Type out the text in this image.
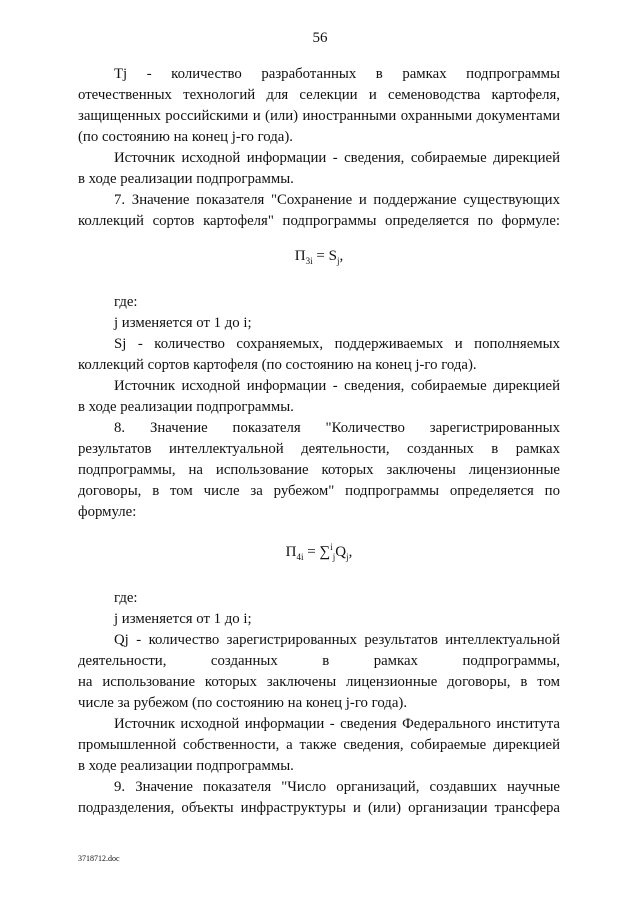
56
Tj - количество разработанных в рамках подпрограммы
отечественных технологий для селекции и семеноводства картофеля,
защищенных российскими и (или) иностранными охранными документами
(по состоянию на конец j-го года).
Источник исходной информации - сведения, собираемые дирекцией
в ходе реализации подпрограммы.
7. Значение показателя "Сохранение и поддержание существующих
коллекций сортов картофеля" подпрограммы определяется по формуле:
$П_{3i} = S_j$,
где:
j изменяется от 1 до i;
Sj - количество сохраняемых, поддерживаемых и пополняемых
коллекций сортов картофеля (по состоянию на конец j-го года).
Источник исходной информации - сведения, собираемые дирекцией
в ходе реализации подпрограммы.
8. Значение показателя "Количество зарегистрированных
результатов интеллектуальной деятельности, созданных в рамках
подпрограммы, на использование которых заключены лицензионные
договоры, в том числе за рубежом" подпрограммы определяется по
формуле:
$П_{4i} = \sum^i_jQ_j$,
где:
j изменяется от 1 до i;
Qj - количество зарегистрированных результатов интеллектуальной
деятельности, созданных в рамках подпрограммы,
на использование которых заключены лицензионные договоры, в том
числе за рубежом (по состоянию на конец j-го года).
Источник исходной информации - сведения Федерального института
промышленной собственности, а также сведения, собираемые дирекцией
в ходе реализации подпрограммы.
9. Значение показателя "Число организаций, создавших научные
подразделения, объекты инфраструктуры и (или) организации трансфера
3718712.doc
